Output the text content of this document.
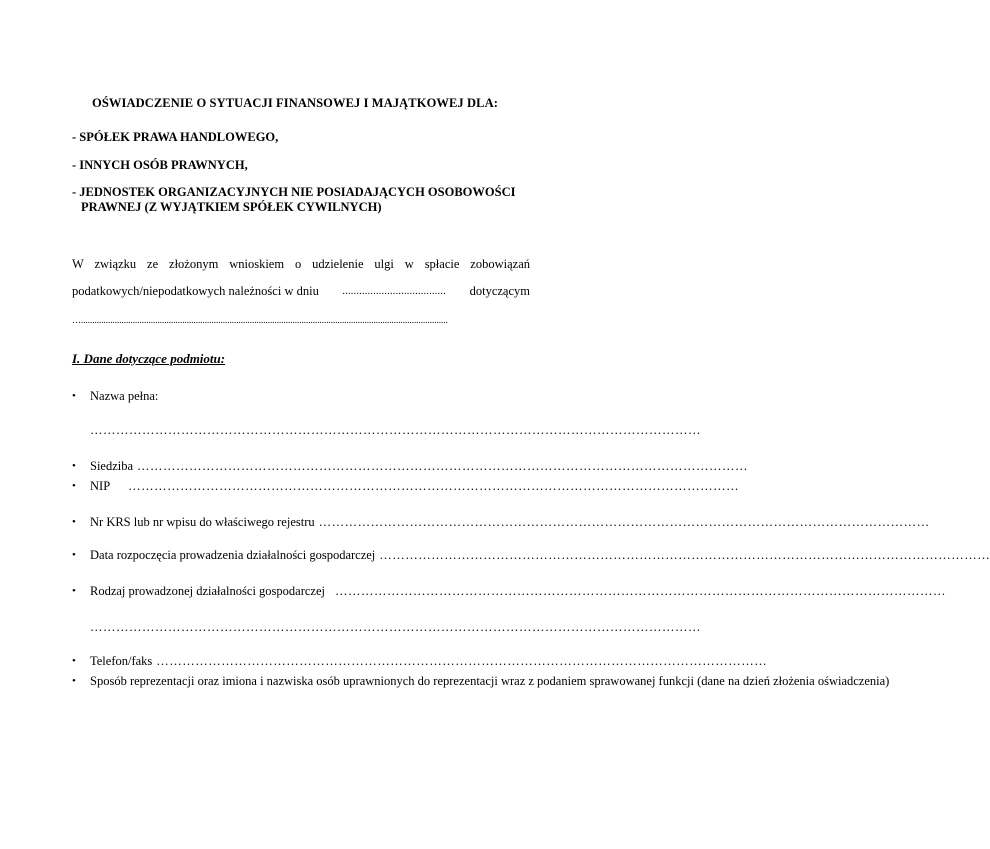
OŚWIADCZENIE O SYTUACJI FINANSOWEJ I MAJĄTKOWEJ DLA:
- SPÓŁEK PRAWA HANDLOWEGO,
- INNYCH OSÓB PRAWNYCH,
- JEDNOSTEK ORGANIZACYJNYCH NIE POSIADAJĄCYCH OSOBOWOŚCI
PRAWNEJ (Z WYJĄTKIEM SPÓŁEK CYWILNYCH)
W związku ze złożonym wnioskiem o udzielenie ulgi w spłacie zobowiązań
podatkowych/niepodatkowych należności w dniu ..................................... dotyczącym
…...................................................................................................................................................................
I. Dane dotyczące podmiotu:
•	Nazwa pełna:
……………………………………………………………………………………………………………………………
•	Siedziba ……………………………………………………………………………………………………………………………
•	NIP	……………………………………………………………………………………………………………………………
•	Nr KRS lub nr wpisu do właściwego rejestru ……………………………………………………………………………………………………………………………
•	Data rozpoczęcia prowadzenia działalności gospodarczej ……………………………………………………………………………………………………………………………
•	Rodzaj prowadzonej działalności gospodarczej ……………………………………………………………………………………………………………………………
……………………………………………………………………………………………………………………………
•	Telefon/faks ……………………………………………………………………………………………………………………………
•	Sposób reprezentacji oraz imiona i nazwiska osób uprawnionych do reprezentacji wraz z podaniem sprawowanej funkcji (dane na dzień złożenia oświadczenia)
